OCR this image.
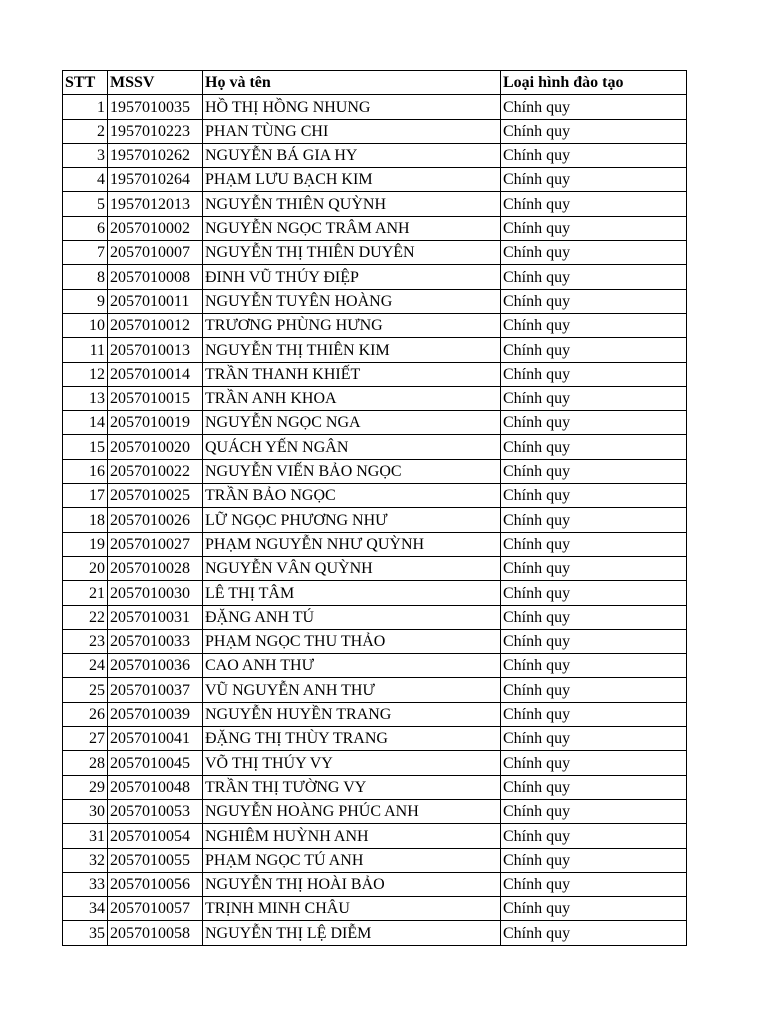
STT	MSSV	Họ và tên	Loại hình đào tạo
1	1957010035	HỒ THỊ HỒNG NHUNG	Chính quy
2	1957010223	PHAN TÙNG CHI	Chính quy
3	1957010262	NGUYỄN BÁ GIA HY	Chính quy
4	1957010264	PHẠM LƯU BẠCH KIM	Chính quy
5	1957012013	NGUYỄN THIÊN QUỲNH	Chính quy
6	2057010002	NGUYỄN NGỌC TRÂM ANH	Chính quy
7	2057010007	NGUYỄN THỊ THIÊN DUYÊN	Chính quy
8	2057010008	ĐINH VŨ THÚY ĐIỆP	Chính quy
9	2057010011	NGUYỄN TUYÊN HOÀNG	Chính quy
10	2057010012	TRƯƠNG PHÙNG HƯNG	Chính quy
11	2057010013	NGUYỄN THỊ THIÊN KIM	Chính quy
12	2057010014	TRẦN THANH KHIẾT	Chính quy
13	2057010015	TRẦN ANH KHOA	Chính quy
14	2057010019	NGUYỄN NGỌC NGA	Chính quy
15	2057010020	QUÁCH YẾN NGÂN	Chính quy
16	2057010022	NGUYỄN VIẾN BẢO NGỌC	Chính quy
17	2057010025	TRẦN BẢO NGỌC	Chính quy
18	2057010026	LỮ NGỌC PHƯƠNG NHƯ	Chính quy
19	2057010027	PHẠM NGUYỄN NHƯ QUỲNH	Chính quy
20	2057010028	NGUYỄN VÂN QUỲNH	Chính quy
21	2057010030	LÊ THỊ TÂM	Chính quy
22	2057010031	ĐẶNG ANH TÚ	Chính quy
23	2057010033	PHẠM NGỌC THU THẢO	Chính quy
24	2057010036	CAO ANH THƯ	Chính quy
25	2057010037	VŨ NGUYỄN ANH THƯ	Chính quy
26	2057010039	NGUYỄN HUYỀN TRANG	Chính quy
27	2057010041	ĐẶNG THỊ THÙY TRANG	Chính quy
28	2057010045	VÕ THỊ THÚY VY	Chính quy
29	2057010048	TRẦN THỊ TƯỜNG VY	Chính quy
30	2057010053	NGUYỄN HOÀNG PHÚC ANH	Chính quy
31	2057010054	NGHIÊM HUỲNH ANH	Chính quy
32	2057010055	PHẠM NGỌC TÚ ANH	Chính quy
33	2057010056	NGUYỄN THỊ HOÀI BẢO	Chính quy
34	2057010057	TRỊNH MINH CHÂU	Chính quy
35	2057010058	NGUYỄN THỊ LỆ DIỄM	Chính quy
